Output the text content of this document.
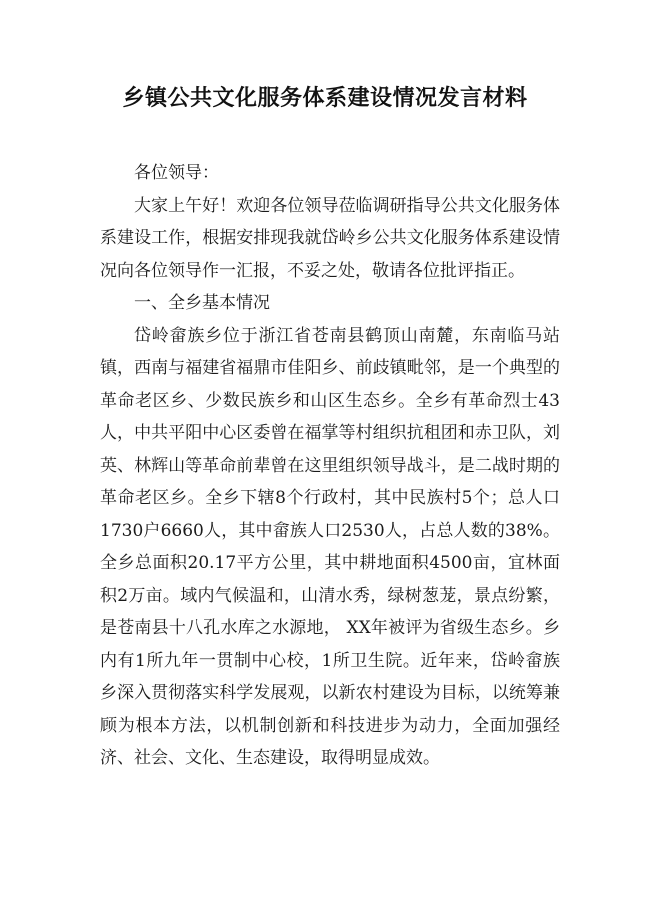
乡镇公共文化服务体系建设情况发言材料

各位领导：

大家上午好！欢迎各位领导莅临调研指导公共文化服务体系建设工作，根据安排现我就岱岭乡公共文化服务体系建设情况向各位领导作一汇报，不妥之处，敬请各位批评指正。

一、全乡基本情况

岱岭畲族乡位于浙江省苍南县鹤顶山南麓，东南临马站镇，西南与福建省福鼎市佳阳乡、前歧镇毗邻，是一个典型的革命老区乡、少数民族乡和山区生态乡。全乡有革命烈士43人，中共平阳中心区委曾在福掌等村组织抗租团和赤卫队，刘英、林辉山等革命前辈曾在这里组织领导战斗，是二战时期的革命老区乡。全乡下辖8个行政村，其中民族村5个；总人口1730户6660人，其中畲族人口2530人，占总人数的38%。全乡总面积20.17平方公里，其中耕地面积4500亩，宜林面积2万亩。域内气候温和，山清水秀，绿树葱茏，景点纷繁，是苍南县十八孔水库之水源地， XX年被评为省级生态乡。乡内有1所九年一贯制中心校，1所卫生院。近年来，岱岭畲族乡深入贯彻落实科学发展观，以新农村建设为目标，以统筹兼顾为根本方法，以机制创新和科技进步为动力，全面加强经济、社会、文化、生态建设，取得明显成效。
